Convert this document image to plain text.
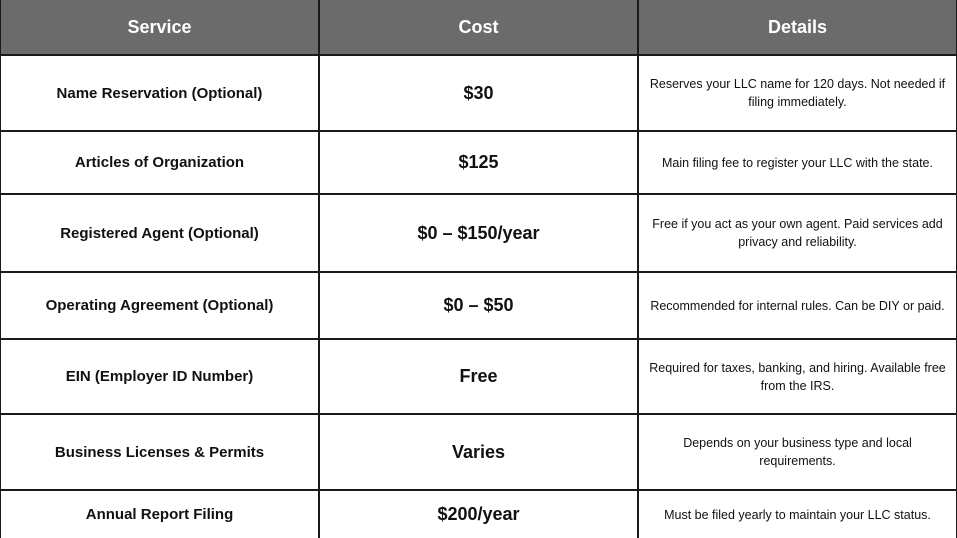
Service	Cost	Details
Name Reservation (Optional)	$30	Reserves your LLC name for 120 days. Not needed if filing immediately.
Articles of Organization	$125	Main filing fee to register your LLC with the state.
Registered Agent (Optional)	$0 – $150/year	Free if you act as your own agent. Paid services add privacy and reliability.
Operating Agreement (Optional)	$0 – $50	Recommended for internal rules. Can be DIY or paid.
EIN (Employer ID Number)	Free	Required for taxes, banking, and hiring. Available free from the IRS.
Business Licenses & Permits	Varies	Depends on your business type and local requirements.
Annual Report Filing	$200/year	Must be filed yearly to maintain your LLC status.
